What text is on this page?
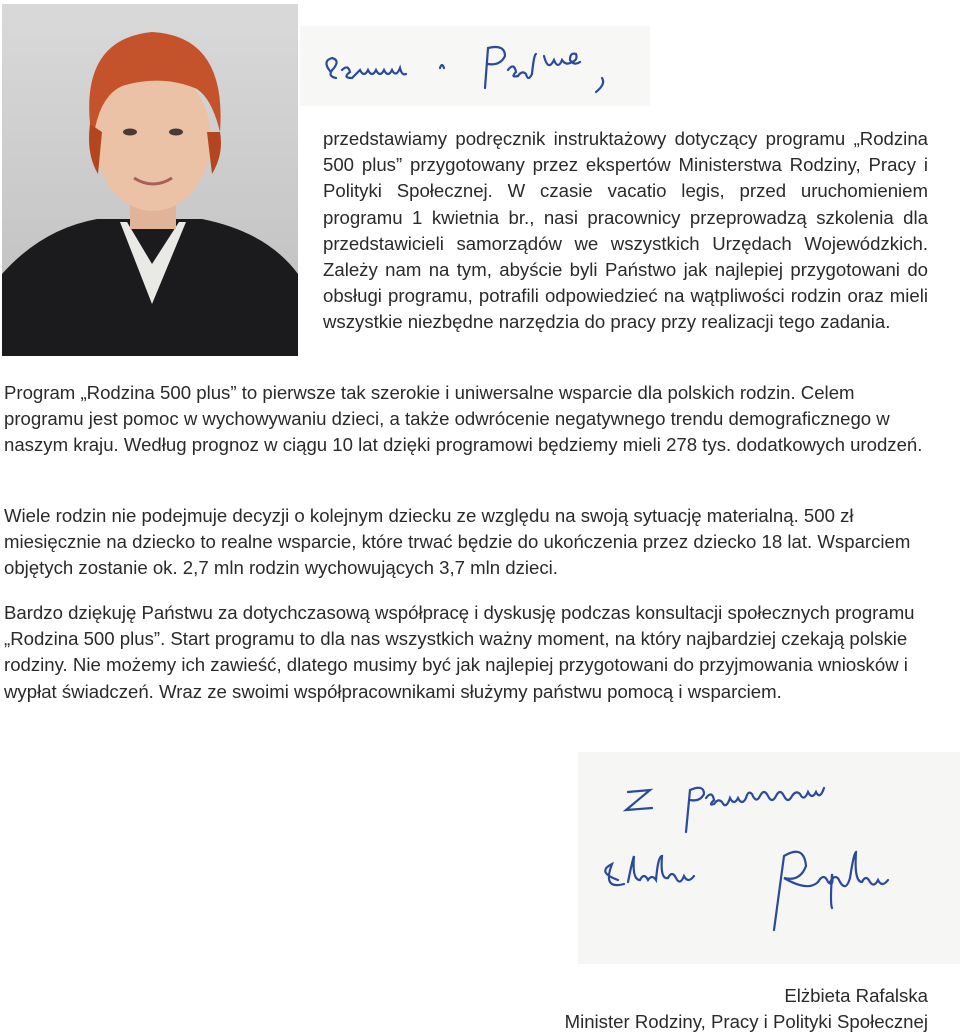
przedstawiamy podręcznik instruktażowy dotyczący programu „Rodzina 500 plus” przygotowany przez ekspertów Ministerstwa Rodziny, Pracy i Polityki Społecznej. W czasie vacatio legis, przed uruchomieniem programu 1 kwietnia br., nasi pracownicy przeprowadzą szkolenia dla przedstawicieli samorządów we wszystkich Urzędach Wojewódzkich. Zależy nam na tym, abyście byli Państwo jak najlepiej przygotowani do obsługi programu, potrafili odpowiedzieć na wątpliwości rodzin oraz mieli wszystkie niezbędne narzędzia do pracy przy realizacji tego zadania.

Program „Rodzina 500 plus” to pierwsze tak szerokie i uniwersalne wsparcie dla polskich rodzin. Celem programu jest pomoc w wychowywaniu dzieci, a także odwrócenie negatywnego trendu demograficznego w naszym kraju. Według prognoz w ciągu 10 lat dzięki programowi będziemy mieli 278 tys. dodatkowych urodzeń.

Wiele rodzin nie podejmuje decyzji o kolejnym dziecku ze względu na swoją sytuację materialną. 500 zł miesięcznie na dziecko to realne wsparcie, które trwać będzie do ukończenia przez dziecko 18 lat. Wsparciem objętych zostanie ok. 2,7 mln rodzin wychowujących 3,7 mln dzieci.

Bardzo dziękuję Państwu za dotychczasową współpracę i dyskusję podczas konsultacji społecznych programu „Rodzina 500 plus”. Start programu to dla nas wszystkich ważny moment, na który najbardziej czekają polskie rodziny. Nie możemy ich zawieść, dlatego musimy być jak najlepiej przygotowani do przyjmowania wniosków i wypłat świadczeń. Wraz ze swoimi współpracownikami służymy państwu pomocą i wsparciem.

Elżbieta Rafalska
Minister Rodziny, Pracy i Polityki Społecznej
